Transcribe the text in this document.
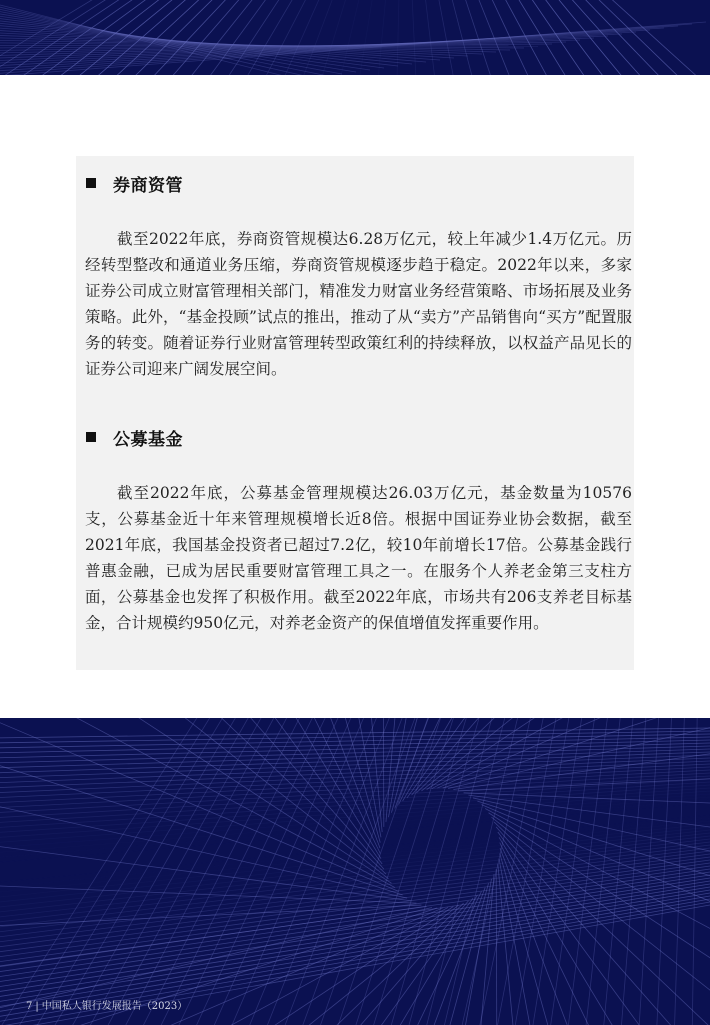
券商资管

截至2022年底，券商资管规模达6.28万亿元，较上年减少1.4万亿元。历经转型整改和通道业务压缩，券商资管规模逐步趋于稳定。2022年以来，多家证券公司成立财富管理相关部门，精准发力财富业务经营策略、市场拓展及业务策略。此外，“基金投顾”试点的推出，推动了从“卖方”产品销售向“买方”配置服务的转变。随着证券行业财富管理转型政策红利的持续释放，以权益产品见长的证券公司迎来广阔发展空间。

公募基金

截至2022年底，公募基金管理规模达26.03万亿元，基金数量为10576支，公募基金近十年来管理规模增长近8倍。根据中国证券业协会数据，截至2021年底，我国基金投资者已超过7.2亿，较10年前增长17倍。公募基金践行普惠金融，已成为居民重要财富管理工具之一。在服务个人养老金第三支柱方面，公募基金也发挥了积极作用。截至2022年底，市场共有206支养老目标基金，合计规模约950亿元，对养老金资产的保值增值发挥重要作用。

7 | 中国私人银行发展报告（2023）
